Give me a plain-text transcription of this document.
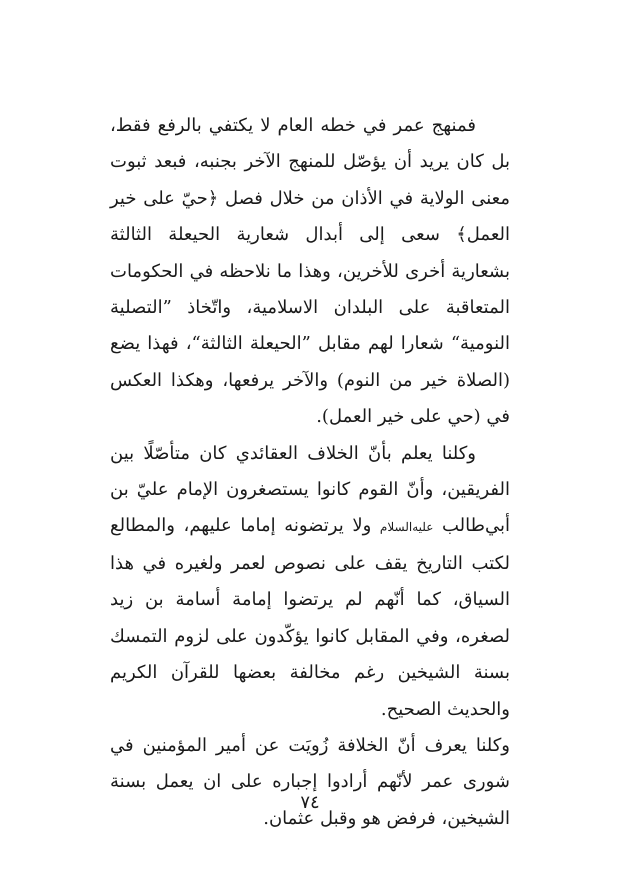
فمنهج عمر في خطه العام لا يكتفي بالرفع فقط، بل كان يريد أن يؤصّل للمنهج الآخر بجنبه، فبعد ثبوت معنى الولاية في الأذان من خلال فصل ﴿حيّ على خير العمل﴾ سعى إلى أبدال شعارية الحيعلة الثالثة بشعارية أخرى للأخرين، وهذا ما نلاحظه في الحكومات المتعاقبة على البلدان الاسلامية، واتّخاذ ”التصلية النومية“ شعارا لهم مقابل ”الحيعلة الثالثة“، فهذا يضع (الصلاة خير من النوم) والآخر يرفعها، وهكذا العكس في (حي على خير العمل).

وكلنا يعلم بأنّ الخلاف العقائدي كان متأصّلًا بين الفريقين، وأنّ القوم كانوا يستصغرون الإمام عليّ بن أبي‌طالب عليه‌السلام ولا يرتضونه إماما عليهم، والمطالع لكتب التاريخ يقف على نصوص لعمر ولغيره في هذا السياق، كما أنّهم لم يرتضوا إمامة أسامة بن زيد لصغره، وفي المقابل كانوا يؤكّدون على لزوم التمسك بسنة الشيخين رغم مخالفة بعضها للقرآن الكريم والحديث الصحيح.

وكلنا يعرف أنّ الخلافة زُويَت عن أمير المؤمنين في شورى عمر لأنّهم أرادوا إجباره على ان يعمل بسنة الشيخين، فرفض هو وقبل عثمان.

٧٤
